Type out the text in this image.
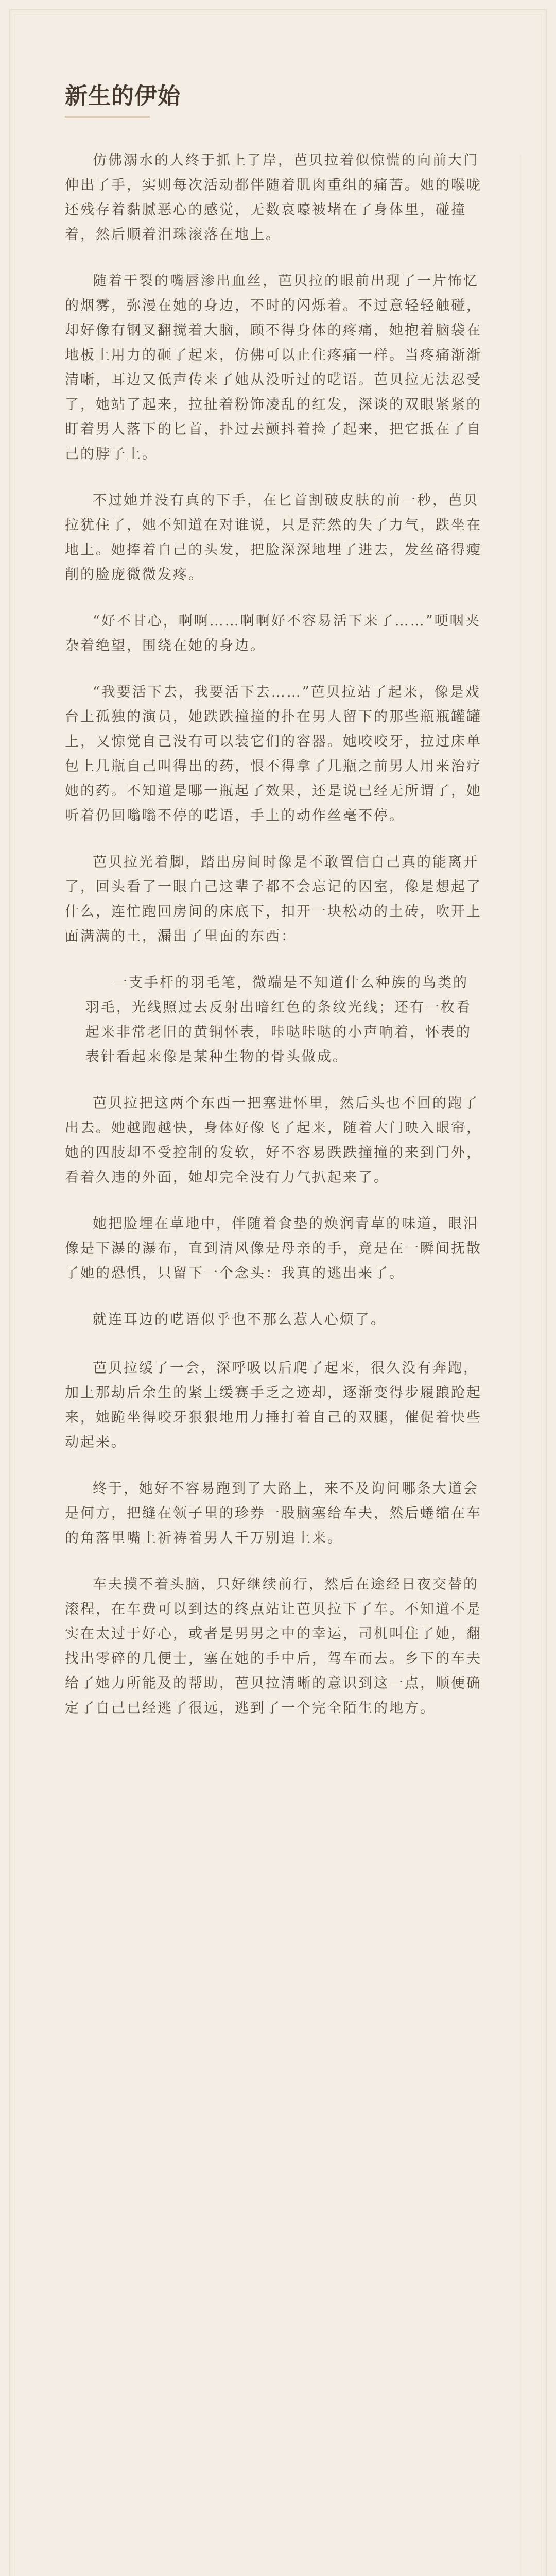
新生的伊始

仿佛溺水的人终于抓上了岸，芭贝拉着似惊慌的向前大门伸出了手，实则每次活动都伴随着肌肉重组的痛苦。她的喉咙还残存着黏腻恶心的感觉，无数哀嚎被堵在了身体里，碰撞着，然后顺着泪珠滚落在地上。

随着干裂的嘴唇渗出血丝，芭贝拉的眼前出现了一片怖忆的烟雾，弥漫在她的身边，不时的闪烁着。不过意轻轻触碰，却好像有钢叉翻搅着大脑，顾不得身体的疼痛，她抱着脑袋在地板上用力的砸了起来，仿佛可以止住疼痛一样。当疼痛渐渐清晰，耳边又低声传来了她从没听过的呓语。芭贝拉无法忍受了，她站了起来，拉扯着粉饰凌乱的红发，深谈的双眼紧紧的盯着男人落下的匕首，扑过去颤抖着捡了起来，把它抵在了自己的脖子上。

不过她并没有真的下手，在匕首割破皮肤的前一秒，芭贝拉犹住了，她不知道在对谁说，只是茫然的失了力气，跌坐在地上。她捧着自己的头发，把脸深深地埋了进去，发丝硌得瘦削的脸庞微微发疼。

“好不甘心，啊啊……啊啊好不容易活下来了……”哽咽夹杂着绝望，围绕在她的身边。

“我要活下去，我要活下去……”芭贝拉站了起来，像是戏台上孤独的演员，她跌跌撞撞的扑在男人留下的那些瓶瓶罐罐上，又惊觉自己没有可以装它们的容器。她咬咬牙，拉过床单包上几瓶自己叫得出的药，恨不得拿了几瓶之前男人用来治疗她的药。不知道是哪一瓶起了效果，还是说已经无所谓了，她听着仍回嗡嗡不停的呓语，手上的动作丝毫不停。

芭贝拉光着脚，踏出房间时像是不敢置信自己真的能离开了，回头看了一眼自己这辈子都不会忘记的囚室，像是想起了什么，连忙跑回房间的床底下，扣开一块松动的土砖，吹开上面满满的土，漏出了里面的东西：

一支手杆的羽毛笔，微端是不知道什么种族的鸟类的羽毛，光线照过去反射出暗红色的条纹光线；还有一枚看起来非常老旧的黄铜怀表，咔哒咔哒的小声响着，怀表的表针看起来像是某种生物的骨头做成。

芭贝拉把这两个东西一把塞进怀里，然后头也不回的跑了出去。她越跑越快，身体好像飞了起来，随着大门映入眼帘，她的四肢却不受控制的发软，好不容易跌跌撞撞的来到门外，看着久违的外面，她却完全没有力气扒起来了。

她把脸埋在草地中，伴随着食垫的焕润青草的味道，眼泪像是下瀑的瀑布，直到清风像是母亲的手，竟是在一瞬间抚散了她的恐惧，只留下一个念头：我真的逃出来了。

就连耳边的呓语似乎也不那么惹人心烦了。

芭贝拉缓了一会，深呼吸以后爬了起来，很久没有奔跑，加上那劫后余生的紧上缓赛手乏之迹却，逐渐变得步履踉跄起来，她跪坐得咬牙狠狠地用力捶打着自己的双腿，催促着快些动起来。

终于，她好不容易跑到了大路上，来不及询问哪条大道会是何方，把缝在领子里的珍券一股脑塞给车夫，然后蜷缩在车的角落里嘴上祈祷着男人千万别追上来。

车夫摸不着头脑，只好继续前行，然后在途经日夜交替的滚程，在车费可以到达的终点站让芭贝拉下了车。不知道不是实在太过于好心，或者是男男之中的幸运，司机叫住了她，翻找出零碎的几便士，塞在她的手中后，驾车而去。乡下的车夫给了她力所能及的帮助，芭贝拉清晰的意识到这一点，顺便确定了自己已经逃了很远，逃到了一个完全陌生的地方。
